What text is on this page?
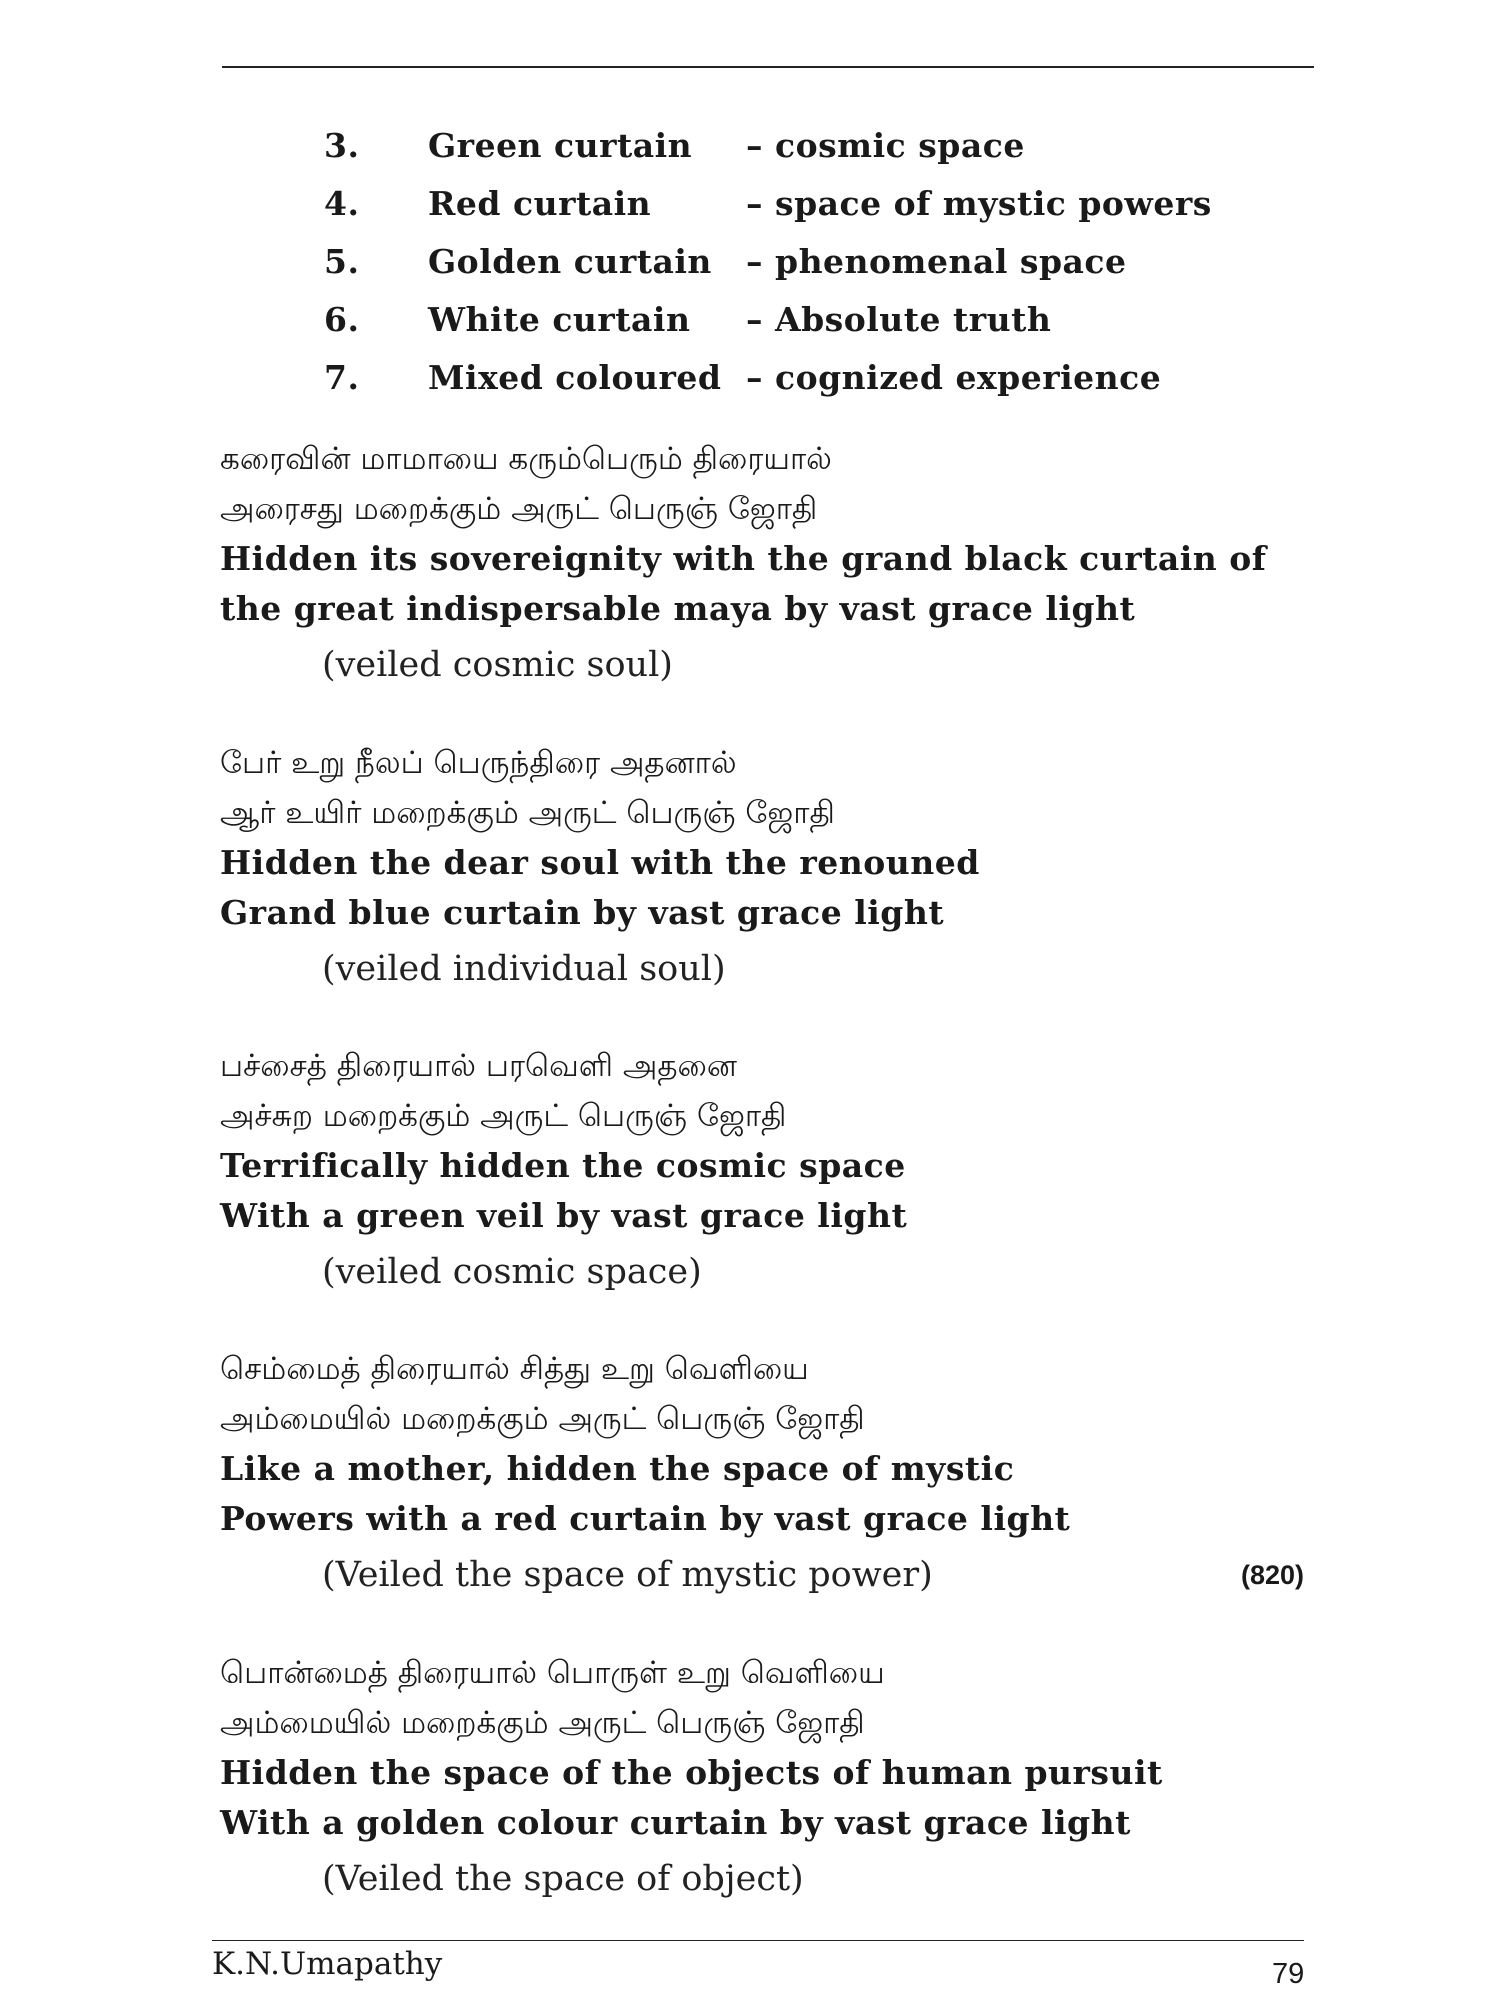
3.	Green curtain	– cosmic space
4.	Red curtain	– space of mystic powers
5.	Golden curtain	– phenomenal space
6.	White curtain	– Absolute truth
7.	Mixed coloured – cognized experience
கரைவின் மாமாயை கரும்பெரும் திரையால்
அரைசது மறைக்கும் அருட் பெருஞ் ஜோதி
Hidden its sovereignity with the grand black curtain of
the great indispersable maya by vast grace light
(veiled cosmic soul)
பேர் உறு நீலப் பெருந்திரை அதனால்
ஆர் உயிர் மறைக்கும் அருட் பெருஞ் ஜோதி
Hidden the dear soul with the renouned
Grand blue curtain by vast grace light
(veiled individual soul)
பச்சைத் திரையால் பரவெளி அதனை
அச்சுற மறைக்கும் அருட் பெருஞ் ஜோதி
Terrifically hidden the cosmic space
With a green veil by vast grace light
(veiled cosmic space)
செம்மைத் திரையால் சித்து உறு வெளியை
அம்மையில் மறைக்கும் அருட் பெருஞ் ஜோதி
Like a mother, hidden the space of mystic
Powers with a red curtain by vast grace light
(Veiled the space of mystic power)	(820)
பொன்மைத் திரையால் பொருள் உறு வெளியை
அம்மையில் மறைக்கும் அருட் பெருஞ் ஜோதி
Hidden the space of the objects of human pursuit
With a golden colour curtain by vast grace light
(Veiled the space of object)
K.N.Umapathy	79
